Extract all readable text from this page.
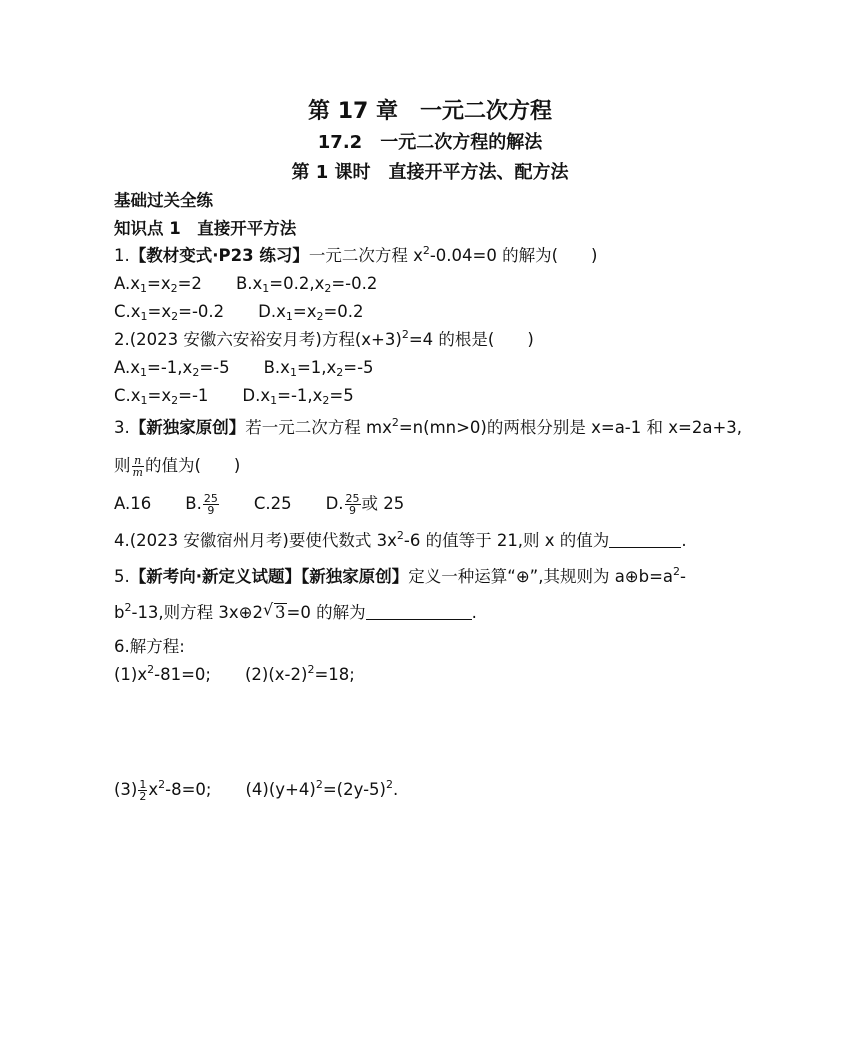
第 17 章　一元二次方程
17.2　一元二次方程的解法
第 1 课时　直接开平方法、配方法
基础过关全练
知识点 1　直接开平方法
1.【教材变式·P23 练习】一元二次方程 $x^2-0.04=0$ 的解为(　　)
$A.x_1=x_2=2$ $B.x_1=0.2,x_2=-0.2$
$C.x_1=x_2=-0.2$ $D.x_1=x_2=0.2$
2.(2023 安徽六安裕安月考)方程$(x+3)^2=4$ 的根是(　　)
$A.x_1=-1,x_2=-5$ $B.x_1=1,x_2=-5$
$C.x_1=x_2=-1$ $D.x_1=-1,x_2=5$
3.【新独家原创】若一元二次方程 $mx^2=n(mn>0)$的两根分别是 x=a-1 和 x=2a+3,
则 $\frac{n}{m}$ 的值为(　　)
A.16 B. $\frac{25}{9} C.25$ D. $\frac{25}{9}$ 或 25
4.(2023 安徽宿州月考)要使代数式 $3x^2-6$ 的值等于 21,则 x 的值为	.
5.【新考向·新定义试题】【新独家原创】定义一种运算“⊕”,其规则为 $a\oplus b=a^2-$
$b^2-13$,则方程 3x⊕2 √ 3=0 的解为	.
6.解方程:
$(1)x^2-81=0$; $(2)(x-2)^2=18$;
$(3) \frac{1}{2} x^2-8=0$; $(4)(y+4)^2=(2y-5)^2$.
